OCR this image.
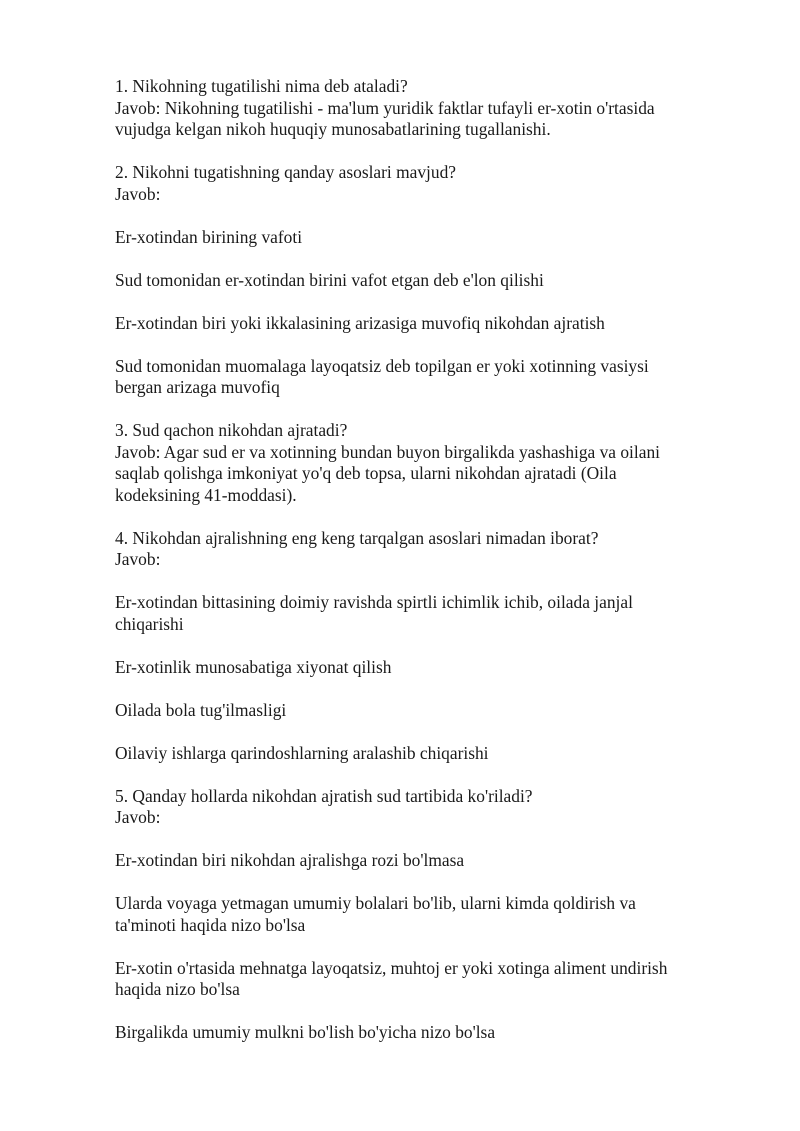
1. Nikohning tugatilishi nima deb ataladi?
Javob: Nikohning tugatilishi - ma'lum yuridik faktlar tufayli er-xotin o'rtasida
vujudga kelgan nikoh huquqiy munosabatlarining tugallanishi.
2. Nikohni tugatishning qanday asoslari mavjud?
Javob:
Er-xotindan birining vafoti
Sud tomonidan er-xotindan birini vafot etgan deb e'lon qilishi
Er-xotindan biri yoki ikkalasining arizasiga muvofiq nikohdan ajratish
Sud tomonidan muomalaga layoqatsiz deb topilgan er yoki xotinning vasiysi
bergan arizaga muvofiq
3. Sud qachon nikohdan ajratadi?
Javob: Agar sud er va xotinning bundan buyon birgalikda yashashiga va oilani
saqlab qolishga imkoniyat yo'q deb topsa, ularni nikohdan ajratadi (Oila
kodeksining 41-moddasi).
4. Nikohdan ajralishning eng keng tarqalgan asoslari nimadan iborat?
Javob:
Er-xotindan bittasining doimiy ravishda spirtli ichimlik ichib, oilada janjal
chiqarishi
Er-xotinlik munosabatiga xiyonat qilish
Oilada bola tug'ilmasligi
Oilaviy ishlarga qarindoshlarning aralashib chiqarishi
5. Qanday hollarda nikohdan ajratish sud tartibida ko'riladi?
Javob:
Er-xotindan biri nikohdan ajralishga rozi bo'lmasa
Ularda voyaga yetmagan umumiy bolalari bo'lib, ularni kimda qoldirish va
ta'minoti haqida nizo bo'lsa
Er-xotin o'rtasida mehnatga layoqatsiz, muhtoj er yoki xotinga aliment undirish
haqida nizo bo'lsa
Birgalikda umumiy mulkni bo'lish bo'yicha nizo bo'lsa
